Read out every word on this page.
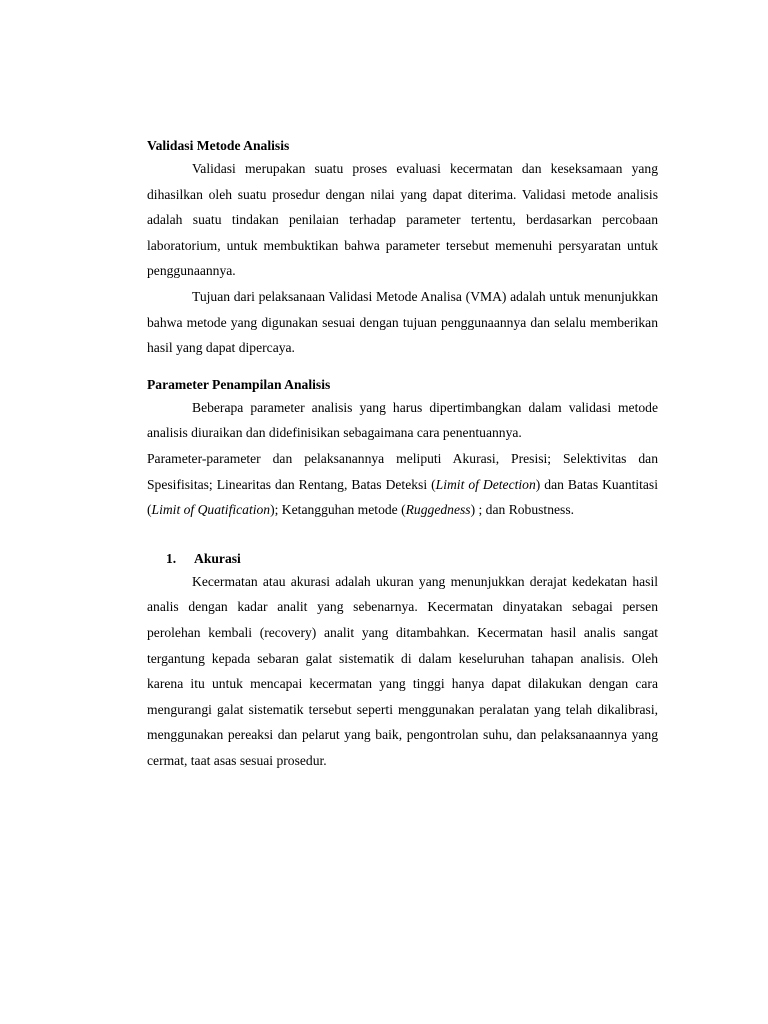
Validasi Metode Analisis

Validasi merupakan suatu proses evaluasi kecermatan dan keseksamaan yang dihasilkan oleh suatu prosedur dengan nilai yang dapat diterima. Validasi metode analisis adalah suatu tindakan penilaian terhadap parameter tertentu, berdasarkan percobaan laboratorium, untuk membuktikan bahwa parameter tersebut memenuhi persyaratan untuk penggunaannya.

Tujuan dari pelaksanaan Validasi Metode Analisa (VMA) adalah untuk menunjukkan bahwa metode yang digunakan sesuai dengan tujuan penggunaannya dan selalu memberikan hasil yang dapat dipercaya.

Parameter Penampilan Analisis

Beberapa parameter analisis yang harus dipertimbangkan dalam validasi metode analisis diuraikan dan didefinisikan sebagaimana cara penentuannya.

Parameter-parameter dan pelaksanannya meliputi Akurasi, Presisi; Selektivitas dan Spesifisitas; Linearitas dan Rentang, Batas Deteksi (Limit of Detection) dan Batas Kuantitasi (Limit of Quatification); Ketangguhan metode (Ruggedness) ; dan Robustness.

1.	Akurasi

Kecermatan atau akurasi adalah ukuran yang menunjukkan derajat kedekatan hasil analis dengan kadar analit yang sebenarnya. Kecermatan dinyatakan sebagai persen perolehan kembali (recovery) analit yang ditambahkan. Kecermatan hasil analis sangat tergantung kepada sebaran galat sistematik di dalam keseluruhan tahapan analisis. Oleh karena itu untuk mencapai kecermatan yang tinggi hanya dapat dilakukan dengan cara mengurangi galat sistematik tersebut seperti menggunakan peralatan yang telah dikalibrasi, menggunakan pereaksi dan pelarut yang baik, pengontrolan suhu, dan pelaksanaannya yang cermat, taat asas sesuai prosedur.
